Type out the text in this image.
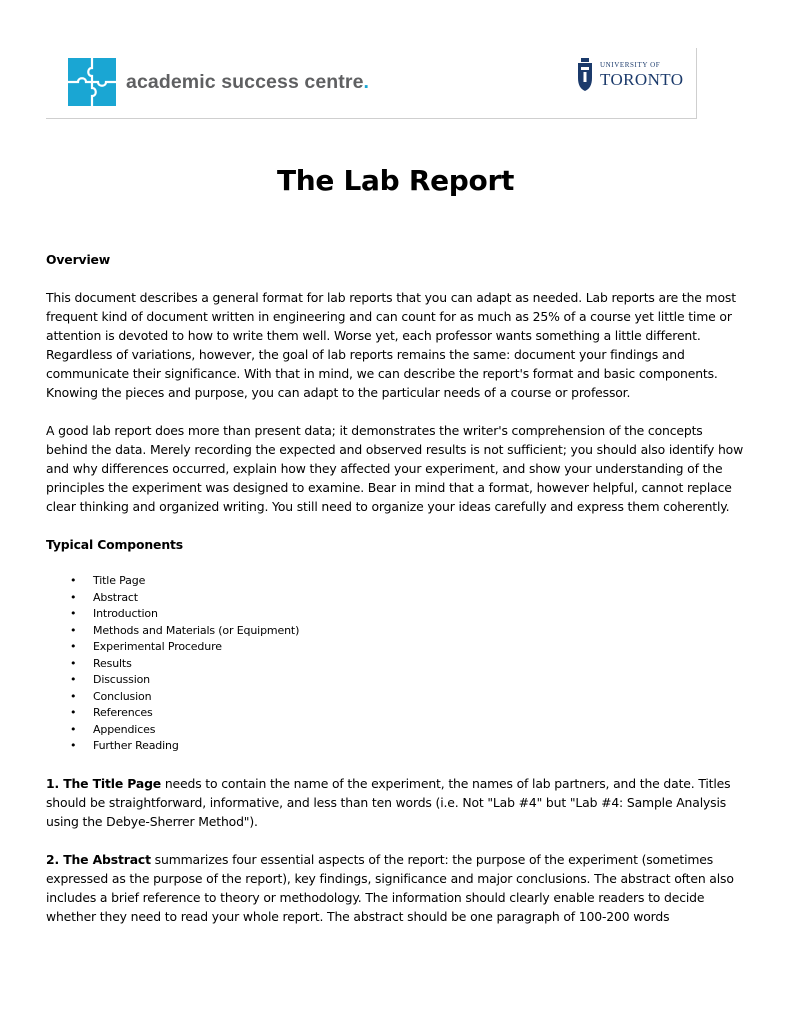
academic success centre.
UNIVERSITY OF
TORONTO
The Lab Report

Overview

This document describes a general format for lab reports that you can adapt as needed. Lab reports are the most frequent kind of document written in engineering and can count for as much as 25% of a course yet little time or attention is devoted to how to write them well. Worse yet, each professor wants something a little different. Regardless of variations, however, the goal of lab reports remains the same: document your findings and communicate their significance. With that in mind, we can describe the report's format and basic components. Knowing the pieces and purpose, you can adapt to the particular needs of a course or professor.

A good lab report does more than present data; it demonstrates the writer's comprehension of the concepts behind the data. Merely recording the expected and observed results is not sufficient; you should also identify how and why differences occurred, explain how they affected your experiment, and show your understanding of the principles the experiment was designed to examine. Bear in mind that a format, however helpful, cannot replace clear thinking and organized writing. You still need to organize your ideas carefully and express them coherently.

Typical Components

• Title Page
• Abstract
• Introduction
• Methods and Materials (or Equipment)
• Experimental Procedure
• Results
• Discussion
• Conclusion
• References
• Appendices
• Further Reading

1. The Title Page needs to contain the name of the experiment, the names of lab partners, and the date. Titles should be straightforward, informative, and less than ten words (i.e. Not "Lab #4" but "Lab #4: Sample Analysis using the Debye-Sherrer Method").

2. The Abstract summarizes four essential aspects of the report: the purpose of the experiment (sometimes expressed as the purpose of the report), key findings, significance and major conclusions. The abstract often also includes a brief reference to theory or methodology. The information should clearly enable readers to decide whether they need to read your whole report. The abstract should be one paragraph of 100-200 words
